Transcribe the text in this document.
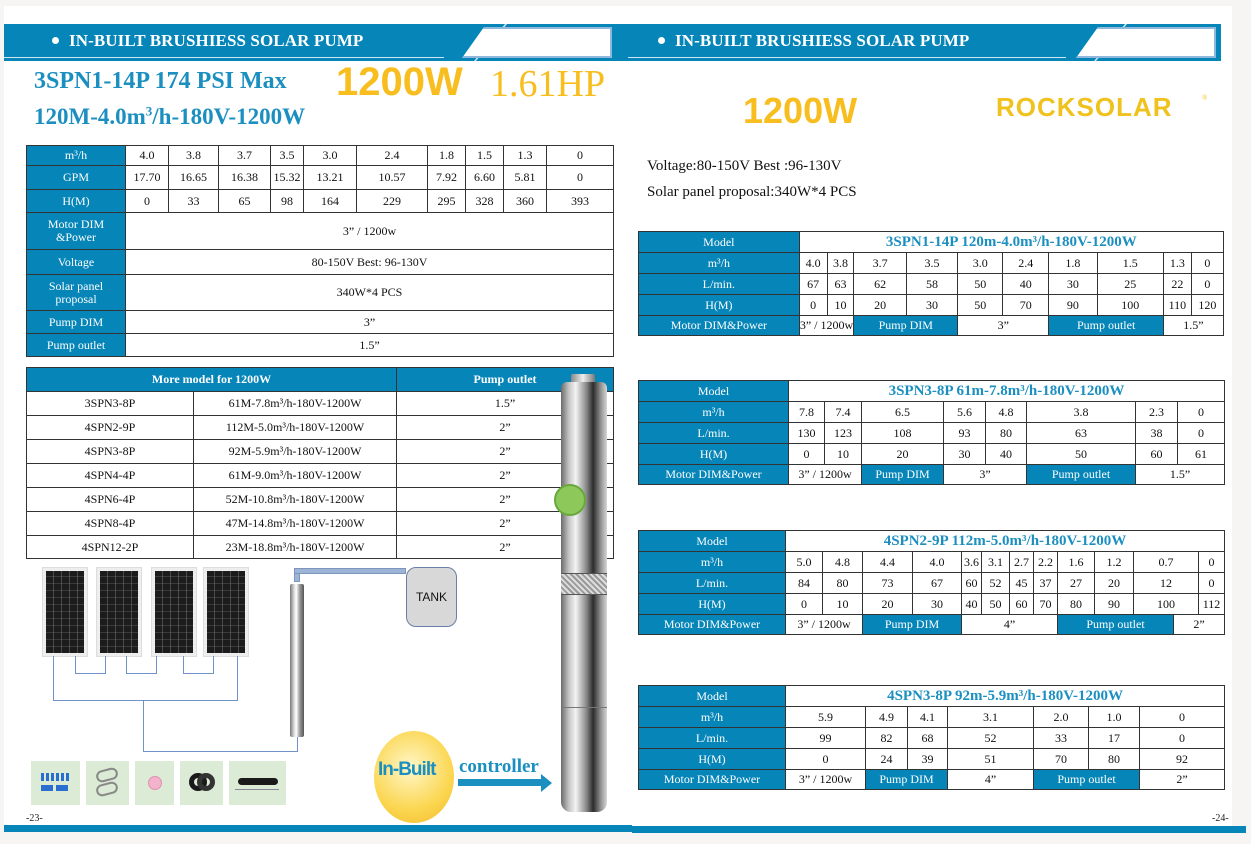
IN-BUILT BRUSHIESS SOLAR PUMP	IN-BUILT BRUSHIESS SOLAR PUMP
3SPN1-14P 174 PSI Max 1200W 1.61HP
$120M-4.0m^3/h-180V-1200W$
m³/h	4.0	3.8	3.7	3.5	3.0	2.4	1.8	1.5	1.3	0
GPM	17.70	16.65	16.38	15.32	13.21	10.57	7.92	6.60	5.81	0
H(M)	0	33	65	98	164	229	295	328	360	393
Motor DIM &Power	3” / 1200w									
Voltage	80-150V Best: 96-130V									
Solar panel proposal	340W*4 PCS									
Pump DIM	3”									
Pump outlet	1.5”									
More model for 1200W		Pump outlet
3SPN3-8P	61M-7.8m³/h-180V-1200W	1.5”
4SPN2-9P	112M-5.0m³/h-180V-1200W	2”
4SPN3-8P	92M-5.9m³/h-180V-1200W	2”
4SPN4-4P	61M-9.0m³/h-180V-1200W	2”
4SPN6-4P	52M-10.8m³/h-180V-1200W	2”
4SPN8-4P	47M-14.8m³/h-180V-1200W	2”
4SPN12-2P	23M-18.8m³/h-180V-1200W	2”
TANK
In-Built controller
-23-
1200W	ROCKSOLAR	®
Voltage:80-150V Best :96-130V
Solar panel proposal:340W*4 PCS
Model	3SPN1-14P 120m-4.0m³/h-180V-1200W									
m³/h	4.0	3.8	3.7	3.5	3.0	2.4	1.8	1.5	1.3	0
L/min.	67	63	62	58	50	40	30	25	22	0
H(M)	0	10	20	30	50	70	90	100	110	120
Motor DIM&Power	3” / 1200w		Pump DIM		3”		Pump outlet		1.5”	
Model	3SPN3-8P 61m-7.8m³/h-180V-1200W							
m³/h	7.8	7.4	6.5	5.6	4.8	3.8	2.3	0
L/min.	130	123	108	93	80	63	38	0
H(M)	0	10	20	30	40	50	60	61
Motor DIM&Power	3” / 1200w		Pump DIM	3”		Pump outlet	1.5”	
Model	4SPN2-9P 112m-5.0m³/h-180V-1200W												
m³/h	5.0	4.8	4.4	4.0	3.6	3.1	2.7	2.2	1.6	1.2	0.7		0
L/min.	84	80	73	67	60	52	45	37	27	20	12		0
H(M)	0	10	20	30	40	50	60	70	80	90	100		112
Motor DIM&Power	3” / 1200w		Pump DIM		4”				Pump outlet			2”	
Model	4SPN3-8P 92m-5.9m³/h-180V-1200W						
m³/h	5.9	4.9	4.1	3.1	2.0	1.0	0
L/min.	99	82	68	52	33	17	0
H(M)	0	24	39	51	70	80	92
Motor DIM&Power	3” / 1200w	Pump DIM		4”	Pump outlet		2”
-24-
